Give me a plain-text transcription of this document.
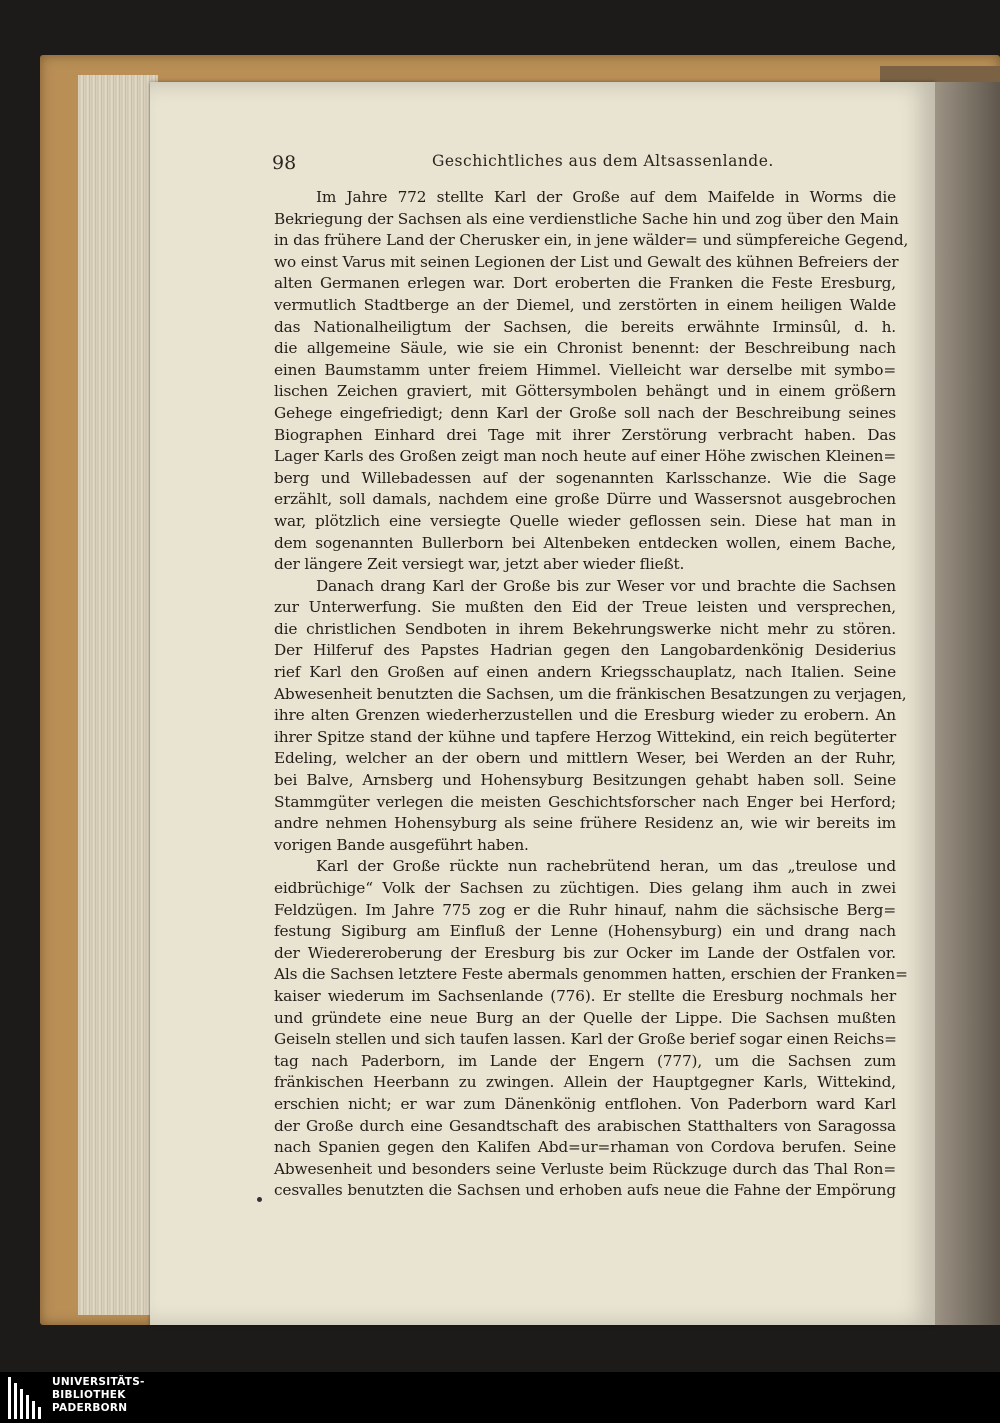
98	Geschichtliches aus dem Altsassenlande.
Im Jahre 772 stellte Karl der Große auf dem Maifelde in Worms die
Bekriegung der Sachsen als eine verdienstliche Sache hin und zog über den Main
in das frühere Land der Cherusker ein, in jene wälder= und sümpfereiche Gegend,
wo einst Varus mit seinen Legionen der List und Gewalt des kühnen Befreiers der
alten Germanen erlegen war. Dort eroberten die Franken die Feste Eresburg,
vermutlich Stadtberge an der Diemel, und zerstörten in einem heiligen Walde
das Nationalheiligtum der Sachsen, die bereits erwähnte Irminsûl, d. h.
die allgemeine Säule, wie sie ein Chronist benennt: der Beschreibung nach
einen Baumstamm unter freiem Himmel. Vielleicht war derselbe mit symbo=
lischen Zeichen graviert, mit Göttersymbolen behängt und in einem größern
Gehege eingefriedigt; denn Karl der Große soll nach der Beschreibung seines
Biographen Einhard drei Tage mit ihrer Zerstörung verbracht haben. Das
Lager Karls des Großen zeigt man noch heute auf einer Höhe zwischen Kleinen=
berg und Willebadessen auf der sogenannten Karlsschanze. Wie die Sage
erzählt, soll damals, nachdem eine große Dürre und Wassersnot ausgebrochen
war, plötzlich eine versiegte Quelle wieder geflossen sein. Diese hat man in
dem sogenannten Bullerborn bei Altenbeken entdecken wollen, einem Bache,
der längere Zeit versiegt war, jetzt aber wieder fließt.
Danach drang Karl der Große bis zur Weser vor und brachte die Sachsen
zur Unterwerfung. Sie mußten den Eid der Treue leisten und versprechen,
die christlichen Sendboten in ihrem Bekehrungswerke nicht mehr zu stören.
Der Hilferuf des Papstes Hadrian gegen den Langobardenkönig Desiderius
rief Karl den Großen auf einen andern Kriegsschauplatz, nach Italien. Seine
Abwesenheit benutzten die Sachsen, um die fränkischen Besatzungen zu verjagen,
ihre alten Grenzen wiederherzustellen und die Eresburg wieder zu erobern. An
ihrer Spitze stand der kühne und tapfere Herzog Wittekind, ein reich begüterter
Edeling, welcher an der obern und mittlern Weser, bei Werden an der Ruhr,
bei Balve, Arnsberg und Hohensyburg Besitzungen gehabt haben soll. Seine
Stammgüter verlegen die meisten Geschichtsforscher nach Enger bei Herford;
andre nehmen Hohensyburg als seine frühere Residenz an, wie wir bereits im
vorigen Bande ausgeführt haben.
Karl der Große rückte nun rachebrütend heran, um das „treulose und
eidbrüchige“ Volk der Sachsen zu züchtigen. Dies gelang ihm auch in zwei
Feldzügen. Im Jahre 775 zog er die Ruhr hinauf, nahm die sächsische Berg=
festung Sigiburg am Einfluß der Lenne (Hohensyburg) ein und drang nach
der Wiedereroberung der Eresburg bis zur Ocker im Lande der Ostfalen vor.
Als die Sachsen letztere Feste abermals genommen hatten, erschien der Franken=
kaiser wiederum im Sachsenlande (776). Er stellte die Eresburg nochmals her
und gründete eine neue Burg an der Quelle der Lippe. Die Sachsen mußten
Geiseln stellen und sich taufen lassen. Karl der Große berief sogar einen Reichs=
tag nach Paderborn, im Lande der Engern (777), um die Sachsen zum
fränkischen Heerbann zu zwingen. Allein der Hauptgegner Karls, Wittekind,
erschien nicht; er war zum Dänenkönig entflohen. Von Paderborn ward Karl
der Große durch eine Gesandtschaft des arabischen Statthalters von Saragossa
nach Spanien gegen den Kalifen Abd=ur=rhaman von Cordova berufen. Seine
Abwesenheit und besonders seine Verluste beim Rückzuge durch das Thal Ron=
cesvalles benutzten die Sachsen und erhoben aufs neue die Fahne der Empörung
UNIVERSITÄTS-
BIBLIOTHEK
PADERBORN
